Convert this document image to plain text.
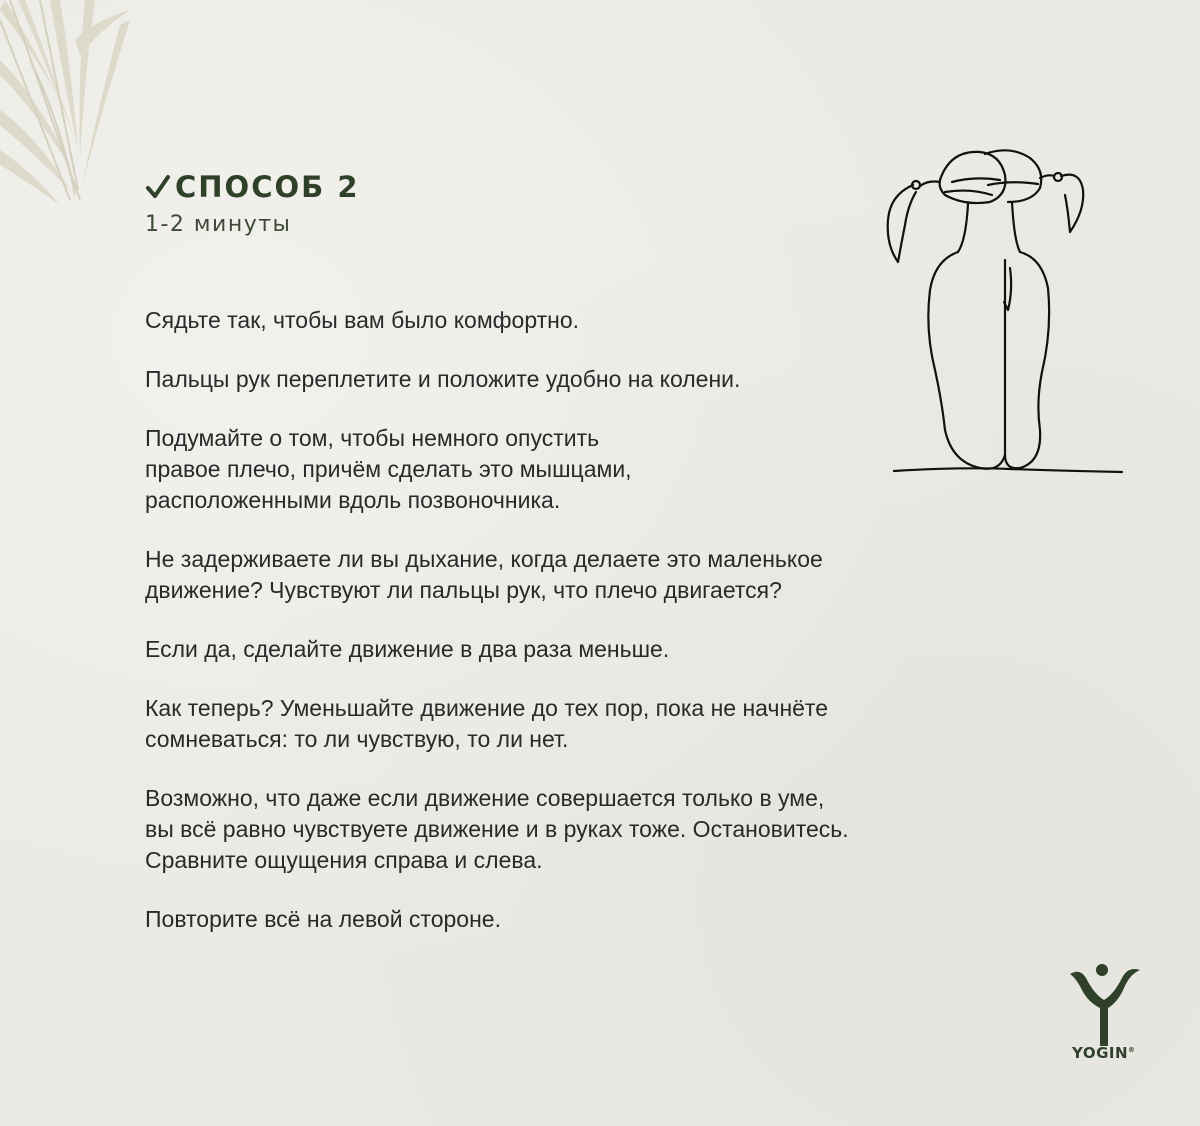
СПОСОБ 2
1-2 минуты

Сядьте так, чтобы вам было комфортно.

Пальцы рук переплетите и положите удобно на колени.

Подумайте о том, чтобы немного опустить
правое плечо, причём сделать это мышцами,
расположенными вдоль позвоночника.

Не задерживаете ли вы дыхание, когда делаете это маленькое
движение? Чувствуют ли пальцы рук, что плечо двигается?

Если да, сделайте движение в два раза меньше.

Как теперь? Уменьшайте движение до тех пор, пока не начнёте
сомневаться: то ли чувствую, то ли нет.

Возможно, что даже если движение совершается только в уме,
вы всё равно чувствуете движение и в руках тоже. Остановитесь.
Сравните ощущения справа и слева.

Повторите всё на левой стороне.

YOGIN®
